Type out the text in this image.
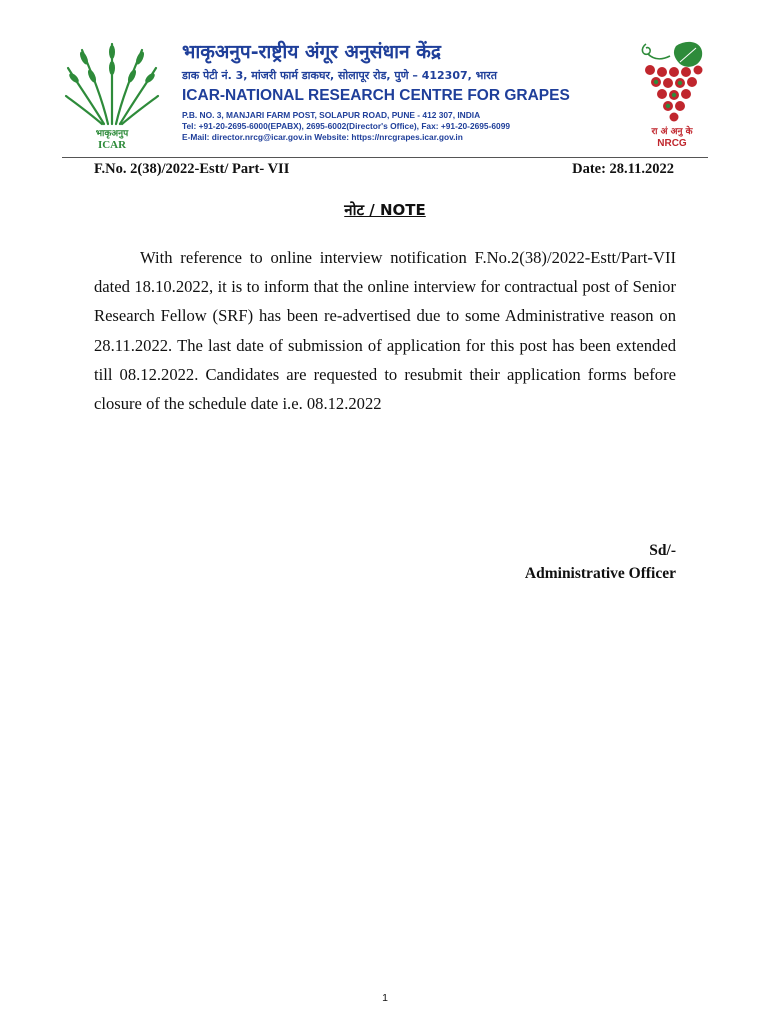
भाकृअनुप
ICAR
भाकृअनुप-राष्ट्रीय अंगूर अनुसंधान केंद्र
डाक पेटी नं. 3, मांजरी फार्म डाकघर, सोलापूर रोड, पुणे – 412307, भारत
ICAR-NATIONAL RESEARCH CENTRE FOR GRAPES
P.B. NO. 3, MANJARI FARM POST, SOLAPUR ROAD, PUNE - 412 307, INDIA
Tel: +91-20-2695-6000(EPABX), 2695-6002(Director's Office), Fax: +91-20-2695-6099
E-Mail: director.nrcg@icar.gov.in Website: https://nrcgrapes.icar.gov.in	रा अं अनु के
NRCG
F.No. 2(38)/2022-Estt/ Part- VII	Date: 28.11.2022
नोट / NOTE

With reference to online interview notification F.No.2(38)/2022-Estt/Part-VII dated 18.10.2022, it is to inform that the online interview for contractual post of Senior Research Fellow (SRF) has been re-advertised due to some Administrative reason on 28.11.2022. The last date of submission of application for this post has been extended till 08.12.2022. Candidates are requested to resubmit their application forms before closure of the schedule date i.e. 08.12.2022

Sd/-
Administrative Officer
1
